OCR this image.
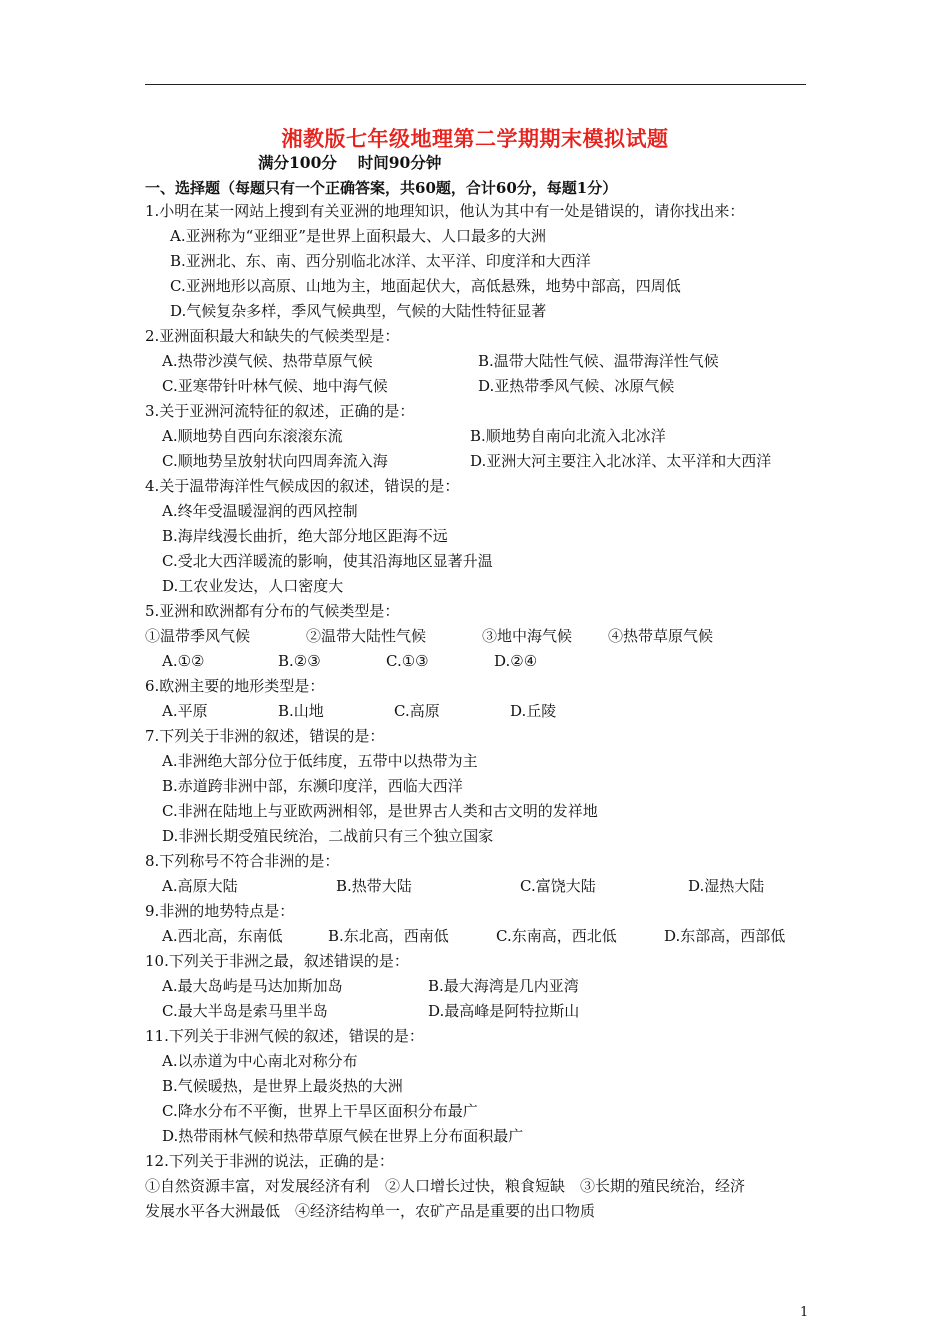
湘教版七年级地理第二学期期末模拟试题
满分100分　 时间90分钟
一、选择题（每题只有一个正确答案，共60题，合计60分，每题1分）
1.小明在某一网站上搜到有关亚洲的地理知识，他认为其中有一处是错误的，请你找出来：
A.亚洲称为“亚细亚”是世界上面积最大、人口最多的大洲
B.亚洲北、东、南、西分别临北冰洋、太平洋、印度洋和大西洋
C.亚洲地形以高原、山地为主，地面起伏大，高低悬殊，地势中部高，四周低
D.气候复杂多样，季风气候典型，气候的大陆性特征显著
2.亚洲面积最大和缺失的气候类型是：
A.热带沙漠气候、热带草原气候	B.温带大陆性气候、温带海洋性气候
C.亚寒带针叶林气候、地中海气候	D.亚热带季风气候、冰原气候
3.关于亚洲河流特征的叙述，正确的是：
A.顺地势自西向东滚滚东流	B.顺地势自南向北流入北冰洋
C.顺地势呈放射状向四周奔流入海	D.亚洲大河主要注入北冰洋、太平洋和大西洋
4.关于温带海洋性气候成因的叙述，错误的是：
A.终年受温暖湿润的西风控制
B.海岸线漫长曲折，绝大部分地区距海不远
C.受北大西洋暖流的影响，使其沿海地区显著升温
D.工农业发达，人口密度大
5.亚洲和欧洲都有分布的气候类型是：
①温带季风气候	②温带大陆性气候	③地中海气候 ④热带草原气候
A.①②	B.②③	C.①③	D.②④
6.欧洲主要的地形类型是：
A.平原	B.山地	C.高原	D.丘陵
7.下列关于非洲的叙述，错误的是：
A.非洲绝大部分位于低纬度，五带中以热带为主
B.赤道跨非洲中部，东濒印度洋，西临大西洋
C.非洲在陆地上与亚欧两洲相邻，是世界古人类和古文明的发祥地
D.非洲长期受殖民统治，二战前只有三个独立国家
8.下列称号不符合非洲的是：
A.高原大陆	B.热带大陆	C.富饶大陆	D.湿热大陆
9.非洲的地势特点是：
A.西北高，东南低	B.东北高，西南低	C.东南高，西北低	D.东部高，西部低
10.下列关于非洲之最，叙述错误的是：
A.最大岛屿是马达加斯加岛	B.最大海湾是几内亚湾
C.最大半岛是索马里半岛	D.最高峰是阿特拉斯山
11.下列关于非洲气候的叙述，错误的是：
A.以赤道为中心南北对称分布
B.气候暖热，是世界上最炎热的大洲
C.降水分布不平衡，世界上干旱区面积分布最广
D.热带雨林气候和热带草原气候在世界上分布面积最广
12.下列关于非洲的说法，正确的是：
①自然资源丰富，对发展经济有利　②人口增长过快，粮食短缺　③长期的殖民统治，经济
发展水平各大洲最低　④经济结构单一，农矿产品是重要的出口物质
1
